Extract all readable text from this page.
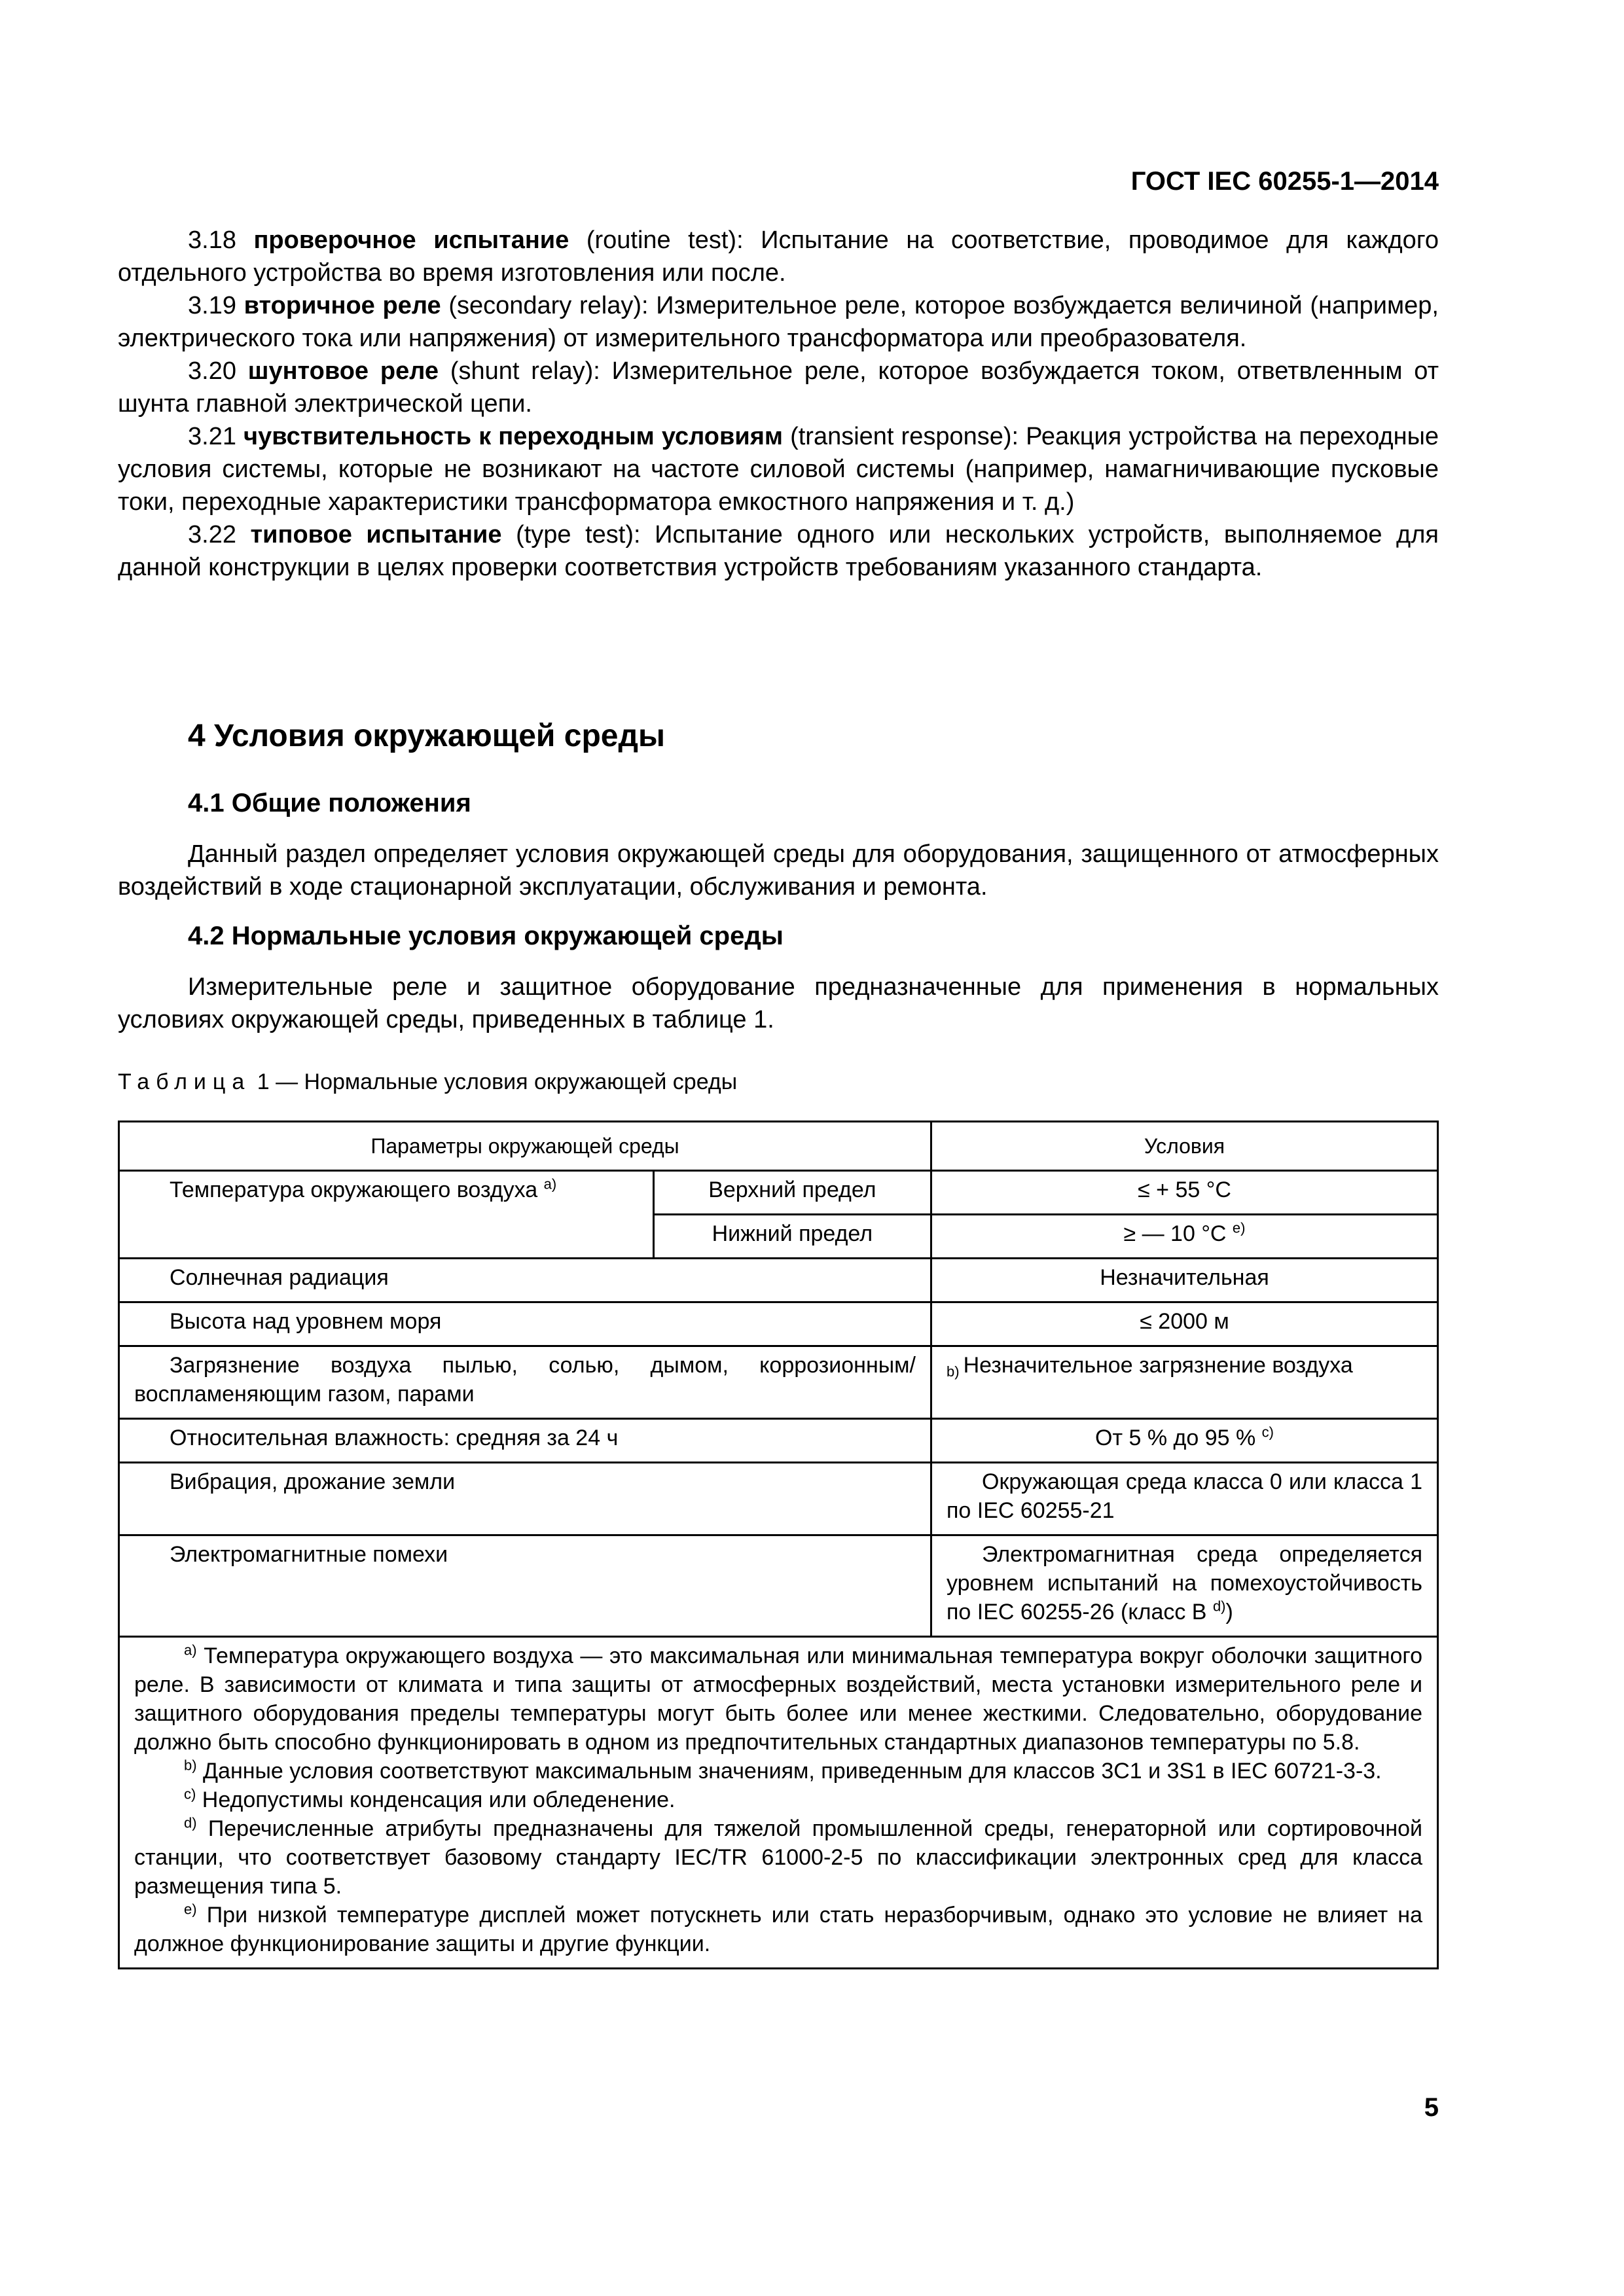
ГОСТ IEC 60255-1—2014

3.18 проверочное испытание (routine test): Испытание на соответствие, проводимое для каждого отдельного устройства во время изготовления или после.

3.19 вторичное реле (secondary relay): Измерительное реле, которое возбуждается величиной (например, электрического тока или напряжения) от измерительного трансформатора или преобразователя.

3.20 шунтовое реле (shunt relay): Измерительное реле, которое возбуждается током, ответвленным от шунта главной электрической цепи.

3.21 чувствительность к переходным условиям (transient response): Реакция устройства на переходные условия системы, которые не возникают на частоте силовой системы (например, намагничивающие пусковые токи, переходные характеристики трансформатора емкостного напряжения и т. д.)

3.22 типовое испытание (type test): Испытание одного или нескольких устройств, выполняемое для данной конструкции в целях проверки соответствия устройств требованиям указанного стандарта.

4 Условия окружающей среды
4.1 Общие положения

Данный раздел определяет условия окружающей среды для оборудования, защищенного от атмосферных воздействий в ходе стационарной эксплуатации, обслуживания и ремонта.

4.2 Нормальные условия окружающей среды

Измерительные реле и защитное оборудование предназначенные для применения в нормальных условиях окружающей среды, приведенных в таблице 1.

Таблица 1 — Нормальные условия окружающей среды
Параметры окружающей среды		Условия
Температура окружающего воздуха $^{a)}$	Верхний предел	≤ + 55 °С
	Нижний предел	≥ — 10 °С $^{e)}$
Солнечная радиация		Незначительная
Высота над уровнем моря		≤ 2000 м
Загрязнение воздуха пылью, солью, дымом, коррозионным/воспламеняющим газом, парами		b) Незначительное загрязнение воздуха
Относительная влажность: средняя за 24 ч		От 5 % до 95 % $^{c)}$
Вибрация, дрожание земли		Окружающая среда класса 0 или класса 1 по IEC 60255-21
Электромагнитные помехи		Электромагнитная среда определяется уровнем испытаний на помехоустойчивость по IEC 60255-26 (класс B $^{d)}$)

$^{a)}$ Температура окружающего воздуха — это максимальная или минимальная температура вокруг оболочки защитного реле. В зависимости от климата и типа защиты от атмосферных воздействий, места установки измерительного реле и защитного оборудования пределы температуры могут быть более или менее жесткими. Следовательно, оборудование должно быть способно функционировать в одном из предпочтительных стандартных диапазонов температуры по 5.8.

$^{b)}$ Данные условия соответствуют максимальным значениям, приведенным для классов 3C1 и 3S1 в IEC 60721-3-3.

$^{c)}$ Недопустимы конденсация или обледенение.

$^{d)}$ Перечисленные атрибуты предназначены для тяжелой промышленной среды, генераторной или сортировочной станции, что соответствует базовому стандарту IEC/TR 61000-2-5 по классификации электронных сред для класса размещения типа 5.

$^{e)}$ При низкой температуре дисплей может потускнеть или стать неразборчивым, однако это условие не влияет на должное функционирование защиты и другие функции.		

5
